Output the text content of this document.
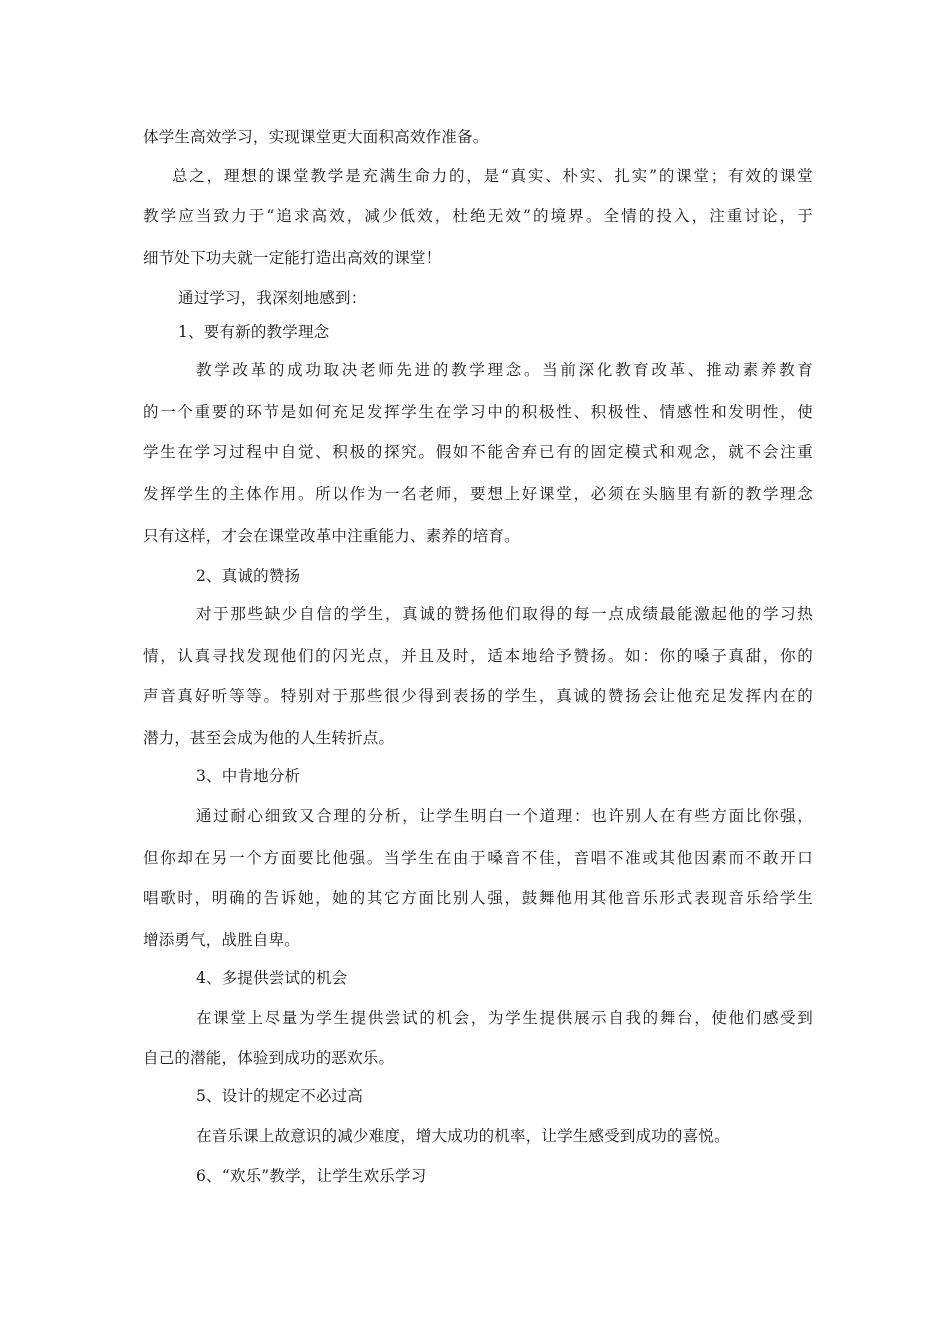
体学生高效学习，实现课堂更大面积高效作准备。
总之，理想的课堂教学是充满生命力的，是“真实、朴实、扎实”的课堂；有效的课堂
教学应当致力于“追求高效，减少低效，杜绝无效”的境界。全情的投入，注重讨论，于
细节处下功夫就一定能打造出高效的课堂！
通过学习，我深刻地感到：
1、要有新的教学理念
教学改革的成功取决老师先进的教学理念。当前深化教育改革、推动素养教育
的一个重要的环节是如何充足发挥学生在学习中的积极性、积极性、情感性和发明性，使
学生在学习过程中自觉、积极的探究。假如不能舍弃已有的固定模式和观念，就不会注重
发挥学生的主体作用。所以作为一名老师，要想上好课堂，必须在头脑里有新的教学理念
只有这样，才会在课堂改革中注重能力、素养的培育。
2、真诚的赞扬
对于那些缺少自信的学生，真诚的赞扬他们取得的每一点成绩最能激起他的学习热
情，认真寻找发现他们的闪光点，并且及时，适本地给予赞扬。如：你的嗓子真甜，你的
声音真好听等等。特别对于那些很少得到表扬的学生，真诚的赞扬会让他充足发挥内在的
潜力，甚至会成为他的人生转折点。
3、中肯地分析
通过耐心细致又合理的分析，让学生明白一个道理：也许别人在有些方面比你强，
但你却在另一个方面要比他强。当学生在由于嗓音不佳，音唱不准或其他因素而不敢开口
唱歌时，明确的告诉她，她的其它方面比别人强，鼓舞他用其他音乐形式表现音乐给学生
增添勇气，战胜自卑。
4、多提供尝试的机会
在课堂上尽量为学生提供尝试的机会，为学生提供展示自我的舞台，使他们感受到
自己的潜能，体验到成功的恶欢乐。
5、设计的规定不必过高
在音乐课上故意识的减少难度，增大成功的机率，让学生感受到成功的喜悦。
6、“欢乐”教学，让学生欢乐学习
